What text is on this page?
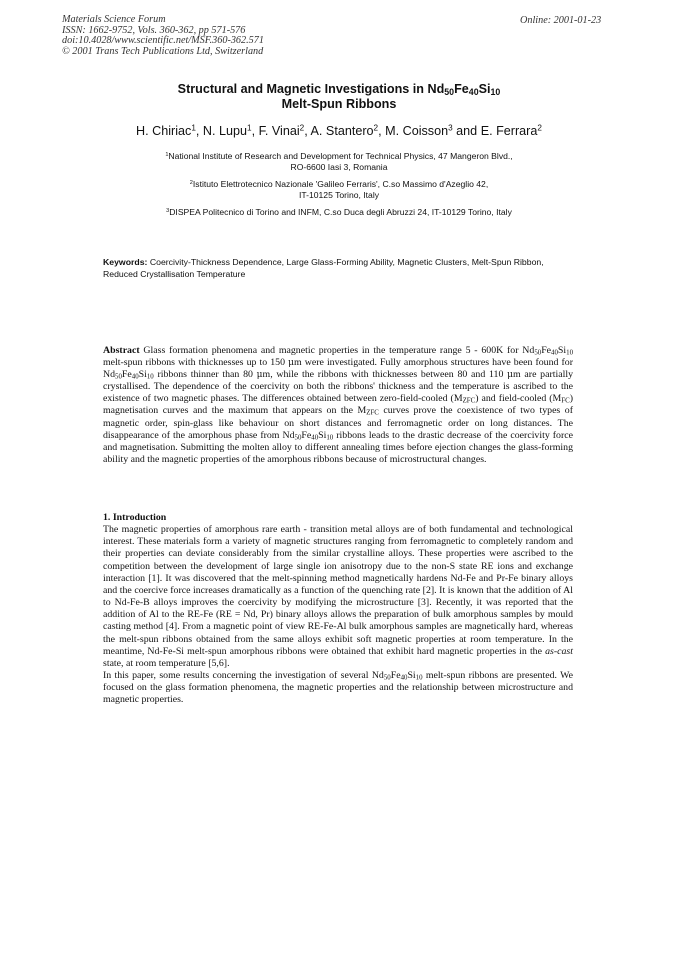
Materials Science Forum
ISSN: 1662-9752, Vols. 360-362, pp 571-576
doi:10.4028/www.scientific.net/MSF.360-362.571
© 2001 Trans Tech Publications Ltd, Switzerland
Online: 2001-01-23
Structural and Magnetic Investigations in $Nd_{50}Fe_{40}Si_{10}$
Melt-Spun Ribbons
H. Chiriac$^1$, N. Lupu$^1$, F. Vinai$^2$, A. Stantero$^2$, M. Coisson$^3$ and E. Ferrara$^2$
$^1$National Institute of Research and Development for Technical Physics, 47 Mangeron Blvd.,
RO-6600 Iasi 3, Romania
$^2$Istituto Elettrotecnico Nazionale 'Galileo Ferraris', C.so Massimo d'Azeglio 42,
IT-10125 Torino, Italy
$^3$DISPEA Politecnico di Torino and INFM, C.so Duca degli Abruzzi 24, IT-10129 Torino, Italy
Keywords: Coercivity-Thickness Dependence, Large Glass-Forming Ability, Magnetic Clusters, Melt-Spun Ribbon, Reduced Crystallisation Temperature
Abstract Glass formation phenomena and magnetic properties in the temperature range 5 - 600K for $Nd_{50}Fe_{40}Si_{10}$ melt-spun ribbons with thicknesses up to 150 μm were investigated. Fully amorphous structures have been found for $Nd_{50}Fe_{40}Si_{10}$ ribbons thinner than 80 μm, while the ribbons with thicknesses between 80 and 110 μm are partially crystallised. The dependence of the coercivity on both the ribbons' thickness and the temperature is ascribed to the existence of two magnetic phases. The differences obtained between zero-field-cooled $(M_{ZFC})$ and field-cooled $(M_{FC})$ magnetisation curves and the maximum that appears on the $M_{ZFC}$ curves prove the coexistence of two types of magnetic order, spin-glass like behaviour on short distances and ferromagnetic order on long distances. The disappearance of the amorphous phase from $Nd_{50}Fe_{40}Si_{10}$ ribbons leads to the drastic decrease of the coercivity force and magnetisation. Submitting the molten alloy to different annealing times before ejection changes the glass-forming ability and the magnetic properties of the amorphous ribbons because of microstructural changes.
1. Introduction

The magnetic properties of amorphous rare earth - transition metal alloys are of both fundamental and technological interest. These materials form a variety of magnetic structures ranging from ferromagnetic to completely random and their properties can deviate considerably from the similar crystalline alloys. These properties were ascribed to the competition between the development of large single ion anisotropy due to the non-S state RE ions and exchange interaction [1]. It was discovered that the melt-spinning method magnetically hardens Nd-Fe and Pr-Fe binary alloys and the coercive force increases dramatically as a function of the quenching rate [2]. It is known that the addition of Al to Nd-Fe-B alloys improves the coercivity by modifying the microstructure [3]. Recently, it was reported that the addition of Al to the RE-Fe (RE = Nd, Pr) binary alloys allows the preparation of bulk amorphous samples by mould casting method [4]. From a magnetic point of view RE-Fe-Al bulk amorphous samples are magnetically hard, whereas the melt-spun ribbons obtained from the same alloys exhibit soft magnetic properties at room temperature. In the meantime, Nd-Fe-Si melt-spun amorphous ribbons were obtained that exhibit hard magnetic properties in the as-cast state, at room temperature [5,6].

In this paper, some results concerning the investigation of several $Nd_{50}Fe_{40}Si_{10}$ melt-spun ribbons are presented. We focused on the glass formation phenomena, the magnetic properties and the relationship between microstructure and magnetic properties.
